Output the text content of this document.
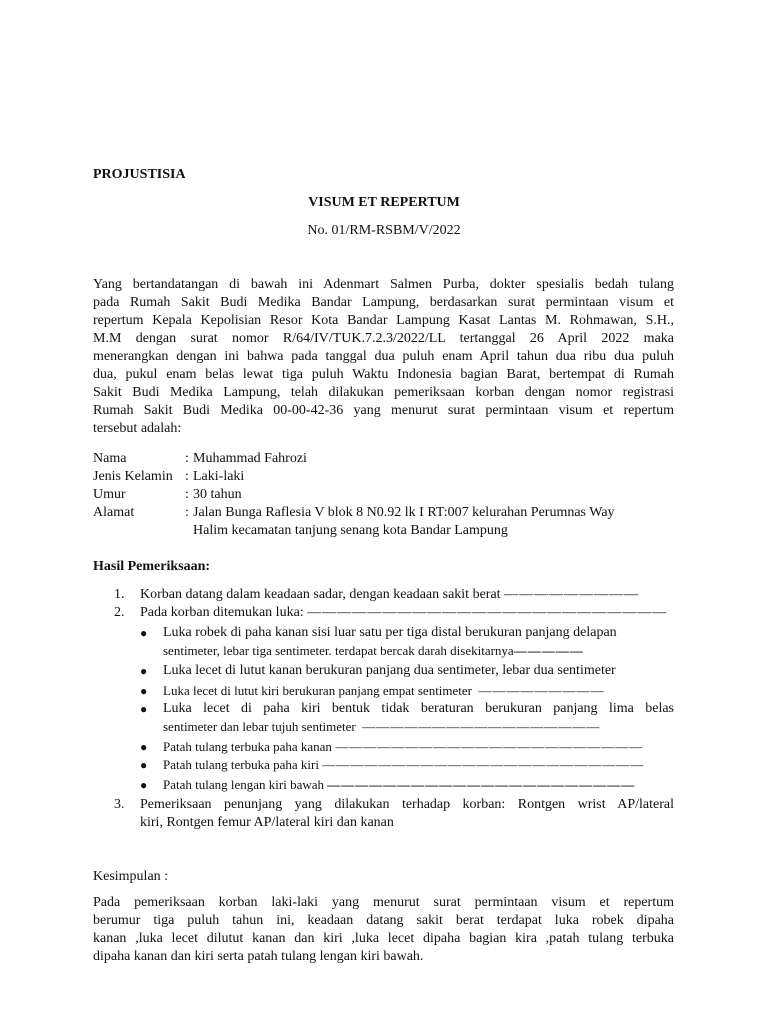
PROJUSTISIA
VISUM ET REPERTUM
No. 01/RM-RSBM/V/2022
Yang bertandatangan di bawah ini Adenmart Salmen Purba, dokter spesialis bedah tulang
pada Rumah Sakit Budi Medika Bandar Lampung, berdasarkan surat permintaan visum et
repertum Kepala Kepolisian Resor Kota Bandar Lampung Kasat Lantas M. Rohmawan, S.H.,
M.M dengan surat nomor R/64/IV/TUK.7.2.3/2022/LL tertanggal 26 April 2022 maka
menerangkan dengan ini bahwa pada tanggal dua puluh enam April tahun dua ribu dua puluh
dua, pukul enam belas lewat tiga puluh Waktu Indonesia bagian Barat, bertempat di Rumah
Sakit Budi Medika Lampung, telah dilakukan pemeriksaan korban dengan nomor registrasi
Rumah Sakit Budi Medika 00-00-42-36 yang menurut surat permintaan visum et repertum
tersebut adalah:
Nama	: Muhammad Fahrozi
Jenis Kelamin : Laki-laki
Umur	: 30 tahun
Alamat	: Jalan Bunga Raflesia V blok 8 N0.92 lk I RT:007 kelurahan Perumnas Way
Halim kecamatan tanjung senang kota Bandar Lampung
Hasil Pemeriksaan:
1. Korban datang dalam keadaan sadar, dengan keadaan sakit berat —————————
2. Pada korban ditemukan luka: ————————————————————————
● Luka robek di paha kanan sisi luar satu per tiga distal berukuran panjang delapan
sentimeter, lebar tiga sentimeter. terdapat bercak darah disekitarnya—————
● Luka lecet di lutut kanan berukuran panjang dua sentimeter, lebar dua sentimeter
● Luka lecet di lutut kiri berukuran panjang empat sentimeter —————————
● Luka lecet di paha kiri bentuk tidak beraturan berukuran panjang lima belas
sentimeter dan lebar tujuh sentimeter —————————————————
● Patah tulang terbuka paha kanan ——————————————————————
● Patah tulang terbuka paha kiri ———————————————————————
● Patah tulang lengan kiri bawah ——————————————————————
3. Pemeriksaan penunjang yang dilakukan terhadap korban: Rontgen wrist AP/lateral
kiri, Rontgen femur AP/lateral kiri dan kanan
Kesimpulan :
Pada pemeriksaan korban laki-laki yang menurut surat permintaan visum et repertum
berumur tiga puluh tahun ini, keadaan datang sakit berat terdapat luka robek dipaha
kanan ,luka lecet dilutut kanan dan kiri ,luka lecet dipaha bagian kira ,patah tulang terbuka
dipaha kanan dan kiri serta patah tulang lengan kiri bawah.
